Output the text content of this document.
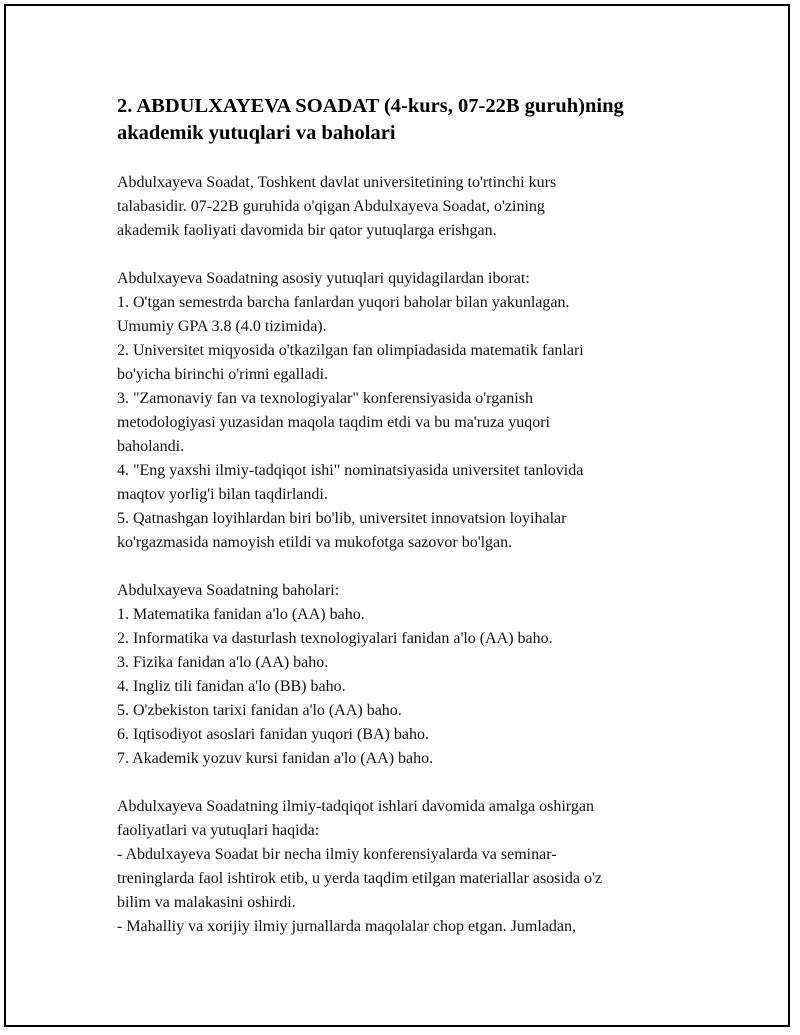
2. ABDULXAYEVA SOADAT (4-kurs, 07-22B guruh)ning
akademik yutuqlari va baholari

Abdulxayeva Soadat, Toshkent davlat universitetining to'rtinchi kurs
talabasidir. 07-22B guruhida o'qigan Abdulxayeva Soadat, o'zining
akademik faoliyati davomida bir qator yutuqlarga erishgan.

Abdulxayeva Soadatning asosiy yutuqlari quyidagilardan iborat:
1. O'tgan semestrda barcha fanlardan yuqori baholar bilan yakunlagan.
Umumiy GPA 3.8 (4.0 tizimida).
2. Universitet miqyosida o'tkazilgan fan olimpiadasida matematik fanlari
bo'yicha birinchi o'rinni egalladi.
3. "Zamonaviy fan va texnologiyalar" konferensiyasida o'rganish
metodologiyasi yuzasidan maqola taqdim etdi va bu ma'ruza yuqori
baholandi.
4. "Eng yaxshi ilmiy-tadqiqot ishi" nominatsiyasida universitet tanlovida
maqtov yorlig'i bilan taqdirlandi.
5. Qatnashgan loyihlardan biri bo'lib, universitet innovatsion loyihalar
ko'rgazmasida namoyish etildi va mukofotga sazovor bo'lgan.

Abdulxayeva Soadatning baholari:
1. Matematika fanidan a'lo (AA) baho.
2. Informatika va dasturlash texnologiyalari fanidan a'lo (AA) baho.
3. Fizika fanidan a'lo (AA) baho.
4. Ingliz tili fanidan a'lo (BB) baho.
5. O'zbekiston tarixi fanidan a'lo (AA) baho.
6. Iqtisodiyot asoslari fanidan yuqori (BA) baho.
7. Akademik yozuv kursi fanidan a'lo (AA) baho.

Abdulxayeva Soadatning ilmiy-tadqiqot ishlari davomida amalga oshirgan
faoliyatlari va yutuqlari haqida:
- Abdulxayeva Soadat bir necha ilmiy konferensiyalarda va seminar-
treninglarda faol ishtirok etib, u yerda taqdim etilgan materiallar asosida o'z
bilim va malakasini oshirdi.
- Mahalliy va xorijiy ilmiy jurnallarda maqolalar chop etgan. Jumladan,
